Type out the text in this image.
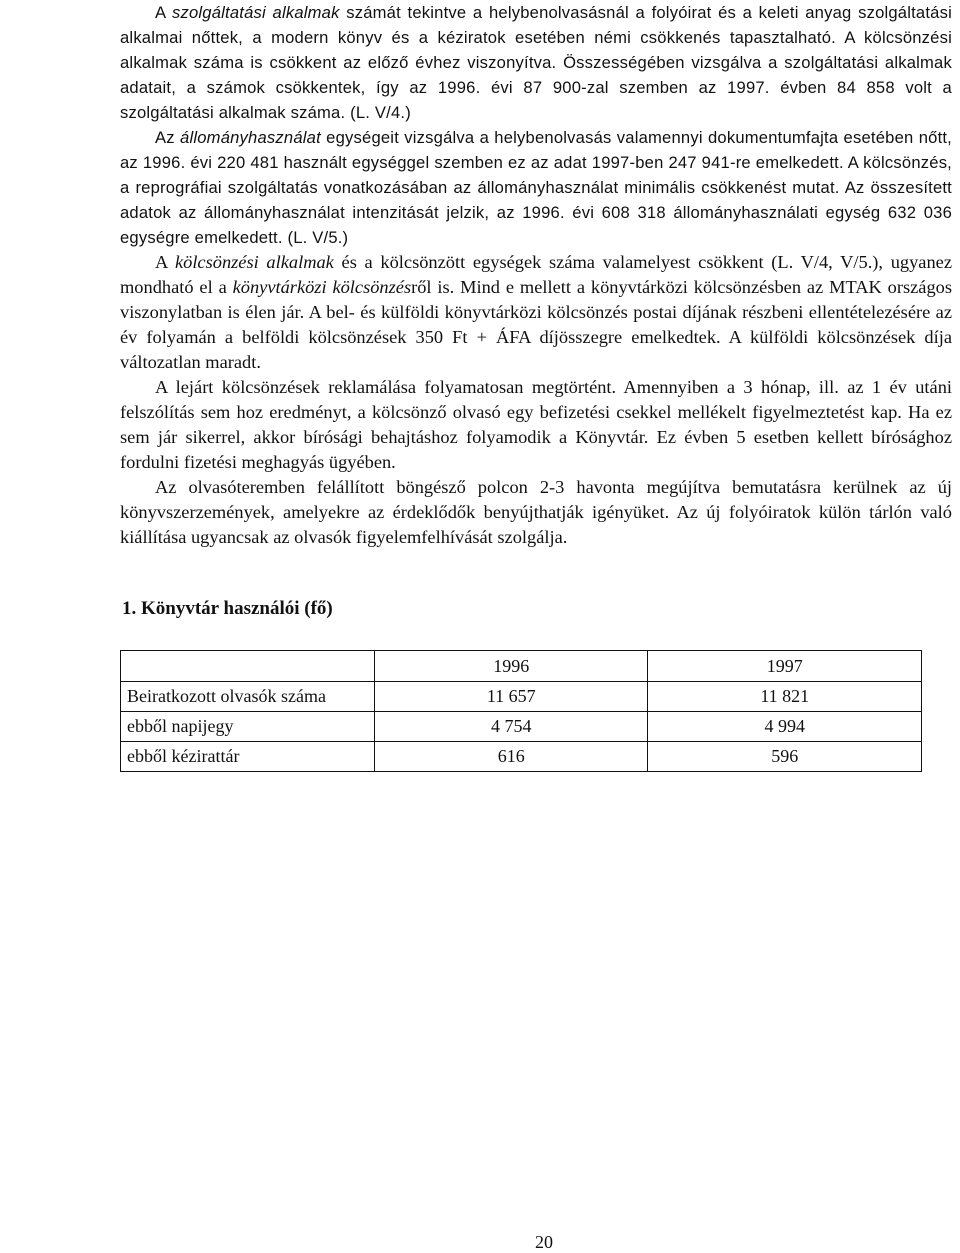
A szolgáltatási alkalmak számát tekintve a helybenolvasásnál a folyóirat és a keleti anyag szolgáltatási alkalmai nőttek, a modern könyv és a kéziratok esetében némi csökkenés tapasztalható. A kölcsönzési alkalmak száma is csökkent az előző évhez viszonyítva. Összességében vizsgálva a szolgáltatási alkalmak adatait, a számok csökkentek, így az 1996. évi 87 900-zal szemben az 1997. évben 84 858 volt a szolgáltatási alkalmak száma. (L. V/4.)

Az állományhasználat egységeit vizsgálva a helybenolvasás valamennyi dokumentumfajta esetében nőtt, az 1996. évi 220 481 használt egységgel szemben ez az adat 1997-ben 247 941-re emelkedett. A kölcsönzés, a reprográfiai szolgáltatás vonatkozásában az állományhasználat minimális csökkenést mutat. Az összesített adatok az állományhasználat intenzitását jelzik, az 1996. évi 608 318 állományhasználati egység 632 036 egységre emelkedett. (L. V/5.)

A kölcsönzési alkalmak és a kölcsönzött egységek száma valamelyest csökkent (L. V/4, V/5.), ugyanez mondható el a könyvtárközi kölcsönzésről is. Mind e mellett a könyvtárközi kölcsönzésben az MTAK országos viszonylatban is élen jár. A bel- és külföldi könyvtárközi kölcsönzés postai díjának részbeni ellentételezésére az év folyamán a belföldi kölcsönzések 350 Ft + ÁFA díjösszegre emelkedtek. A külföldi kölcsönzések díja változatlan maradt.

A lejárt kölcsönzések reklamálása folyamatosan megtörtént. Amennyiben a 3 hónap, ill. az 1 év utáni felszólítás sem hoz eredményt, a kölcsönző olvasó egy befizetési csekkel mellékelt figyelmeztetést kap. Ha ez sem jár sikerrel, akkor bírósági behajtáshoz folyamodik a Könyvtár. Ez évben 5 esetben kellett bírósághoz fordulni fizetési meghagyás ügyében.

Az olvasóteremben felállított böngésző polcon 2-3 havonta megújítva bemutatásra kerülnek az új könyvszerzemények, amelyekre az érdeklődők benyújthatják igényüket. Az új folyóiratok külön tárlón való kiállítása ugyancsak az olvasók figyelemfelhívását szolgálja.

1. Könyvtár használói (fő)
	1996	1997
Beiratkozott olvasók száma	11 657	11 821
ebből napijegy	4 754	4 994
ebből kézirattár	616	596
20
